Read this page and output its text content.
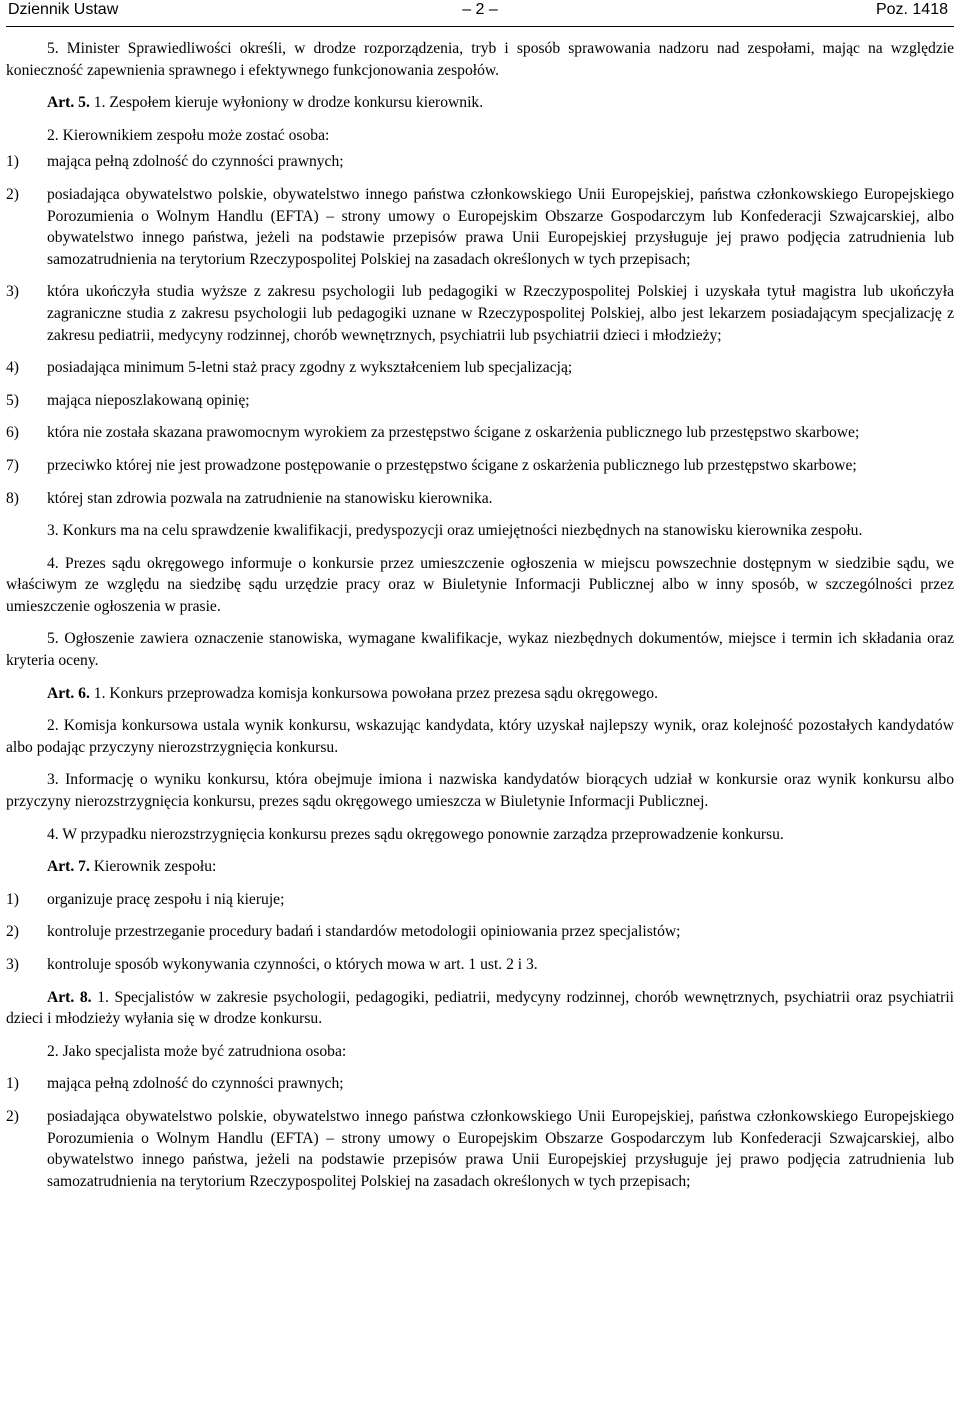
Dziennik Ustaw	– 2 –	Poz. 1418

5. Minister Sprawiedliwości określi, w drodze rozporządzenia, tryb i sposób sprawowania nadzoru nad zespołami, mając na względzie konieczność zapewnienia sprawnego i efektywnego funkcjonowania zespołów.

Art. 5. 1. Zespołem kieruje wyłoniony w drodze konkursu kierownik.

2. Kierownikiem zespołu może zostać osoba:

1)	mająca pełną zdolność do czynności prawnych;
2)	posiadająca obywatelstwo polskie, obywatelstwo innego państwa członkowskiego Unii Europejskiej, państwa członkowskiego Europejskiego Porozumienia o Wolnym Handlu (EFTA) – strony umowy o Europejskim Obszarze Gospodarczym lub Konfederacji Szwajcarskiej, albo obywatelstwo innego państwa, jeżeli na podstawie przepisów prawa Unii Europejskiej przysługuje jej prawo podjęcia zatrudnienia lub samozatrudnienia na terytorium Rzeczypospolitej Polskiej na zasadach określonych w tych przepisach;
3)	która ukończyła studia wyższe z zakresu psychologii lub pedagogiki w Rzeczypospolitej Polskiej i uzyskała tytuł magistra lub ukończyła zagraniczne studia z zakresu psychologii lub pedagogiki uznane w Rzeczypospolitej Polskiej, albo jest lekarzem posiadającym specjalizację z zakresu pediatrii, medycyny rodzinnej, chorób wewnętrznych, psychiatrii lub psychiatrii dzieci i młodzieży;
4)	posiadająca minimum 5-letni staż pracy zgodny z wykształceniem lub specjalizacją;
5)	mająca nieposzlakowaną opinię;
6)	która nie została skazana prawomocnym wyrokiem za przestępstwo ścigane z oskarżenia publicznego lub przestępstwo skarbowe;
7)	przeciwko której nie jest prowadzone postępowanie o przestępstwo ścigane z oskarżenia publicznego lub przestępstwo skarbowe;
8)	której stan zdrowia pozwala na zatrudnienie na stanowisku kierownika.

3. Konkurs ma na celu sprawdzenie kwalifikacji, predyspozycji oraz umiejętności niezbędnych na stanowisku kierownika zespołu.

4. Prezes sądu okręgowego informuje o konkursie przez umieszczenie ogłoszenia w miejscu powszechnie dostępnym w siedzibie sądu, we właściwym ze względu na siedzibę sądu urzędzie pracy oraz w Biuletynie Informacji Publicznej albo w inny sposób, w szczególności przez umieszczenie ogłoszenia w prasie.

5. Ogłoszenie zawiera oznaczenie stanowiska, wymagane kwalifikacje, wykaz niezbędnych dokumentów, miejsce i termin ich składania oraz kryteria oceny.

Art. 6. 1. Konkurs przeprowadza komisja konkursowa powołana przez prezesa sądu okręgowego.

2. Komisja konkursowa ustala wynik konkursu, wskazując kandydata, który uzyskał najlepszy wynik, oraz kolejność pozostałych kandydatów albo podając przyczyny nierozstrzygnięcia konkursu.

3. Informację o wyniku konkursu, która obejmuje imiona i nazwiska kandydatów biorących udział w konkursie oraz wynik konkursu albo przyczyny nierozstrzygnięcia konkursu, prezes sądu okręgowego umieszcza w Biuletynie Informacji Publicznej.

4. W przypadku nierozstrzygnięcia konkursu prezes sądu okręgowego ponownie zarządza przeprowadzenie konkursu.

Art. 7. Kierownik zespołu:

1)	organizuje pracę zespołu i nią kieruje;
2)	kontroluje przestrzeganie procedury badań i standardów metodologii opiniowania przez specjalistów;
3)	kontroluje sposób wykonywania czynności, o których mowa w art. 1 ust. 2 i 3.

Art. 8. 1. Specjalistów w zakresie psychologii, pedagogiki, pediatrii, medycyny rodzinnej, chorób wewnętrznych, psychiatrii oraz psychiatrii dzieci i młodzieży wyłania się w drodze konkursu.

2. Jako specjalista może być zatrudniona osoba:

1)	mająca pełną zdolność do czynności prawnych;
2)	posiadająca obywatelstwo polskie, obywatelstwo innego państwa członkowskiego Unii Europejskiej, państwa członkowskiego Europejskiego Porozumienia o Wolnym Handlu (EFTA) – strony umowy o Europejskim Obszarze Gospodarczym lub Konfederacji Szwajcarskiej, albo obywatelstwo innego państwa, jeżeli na podstawie przepisów prawa Unii Europejskiej przysługuje jej prawo podjęcia zatrudnienia lub samozatrudnienia na terytorium Rzeczypospolitej Polskiej na zasadach określonych w tych przepisach;
